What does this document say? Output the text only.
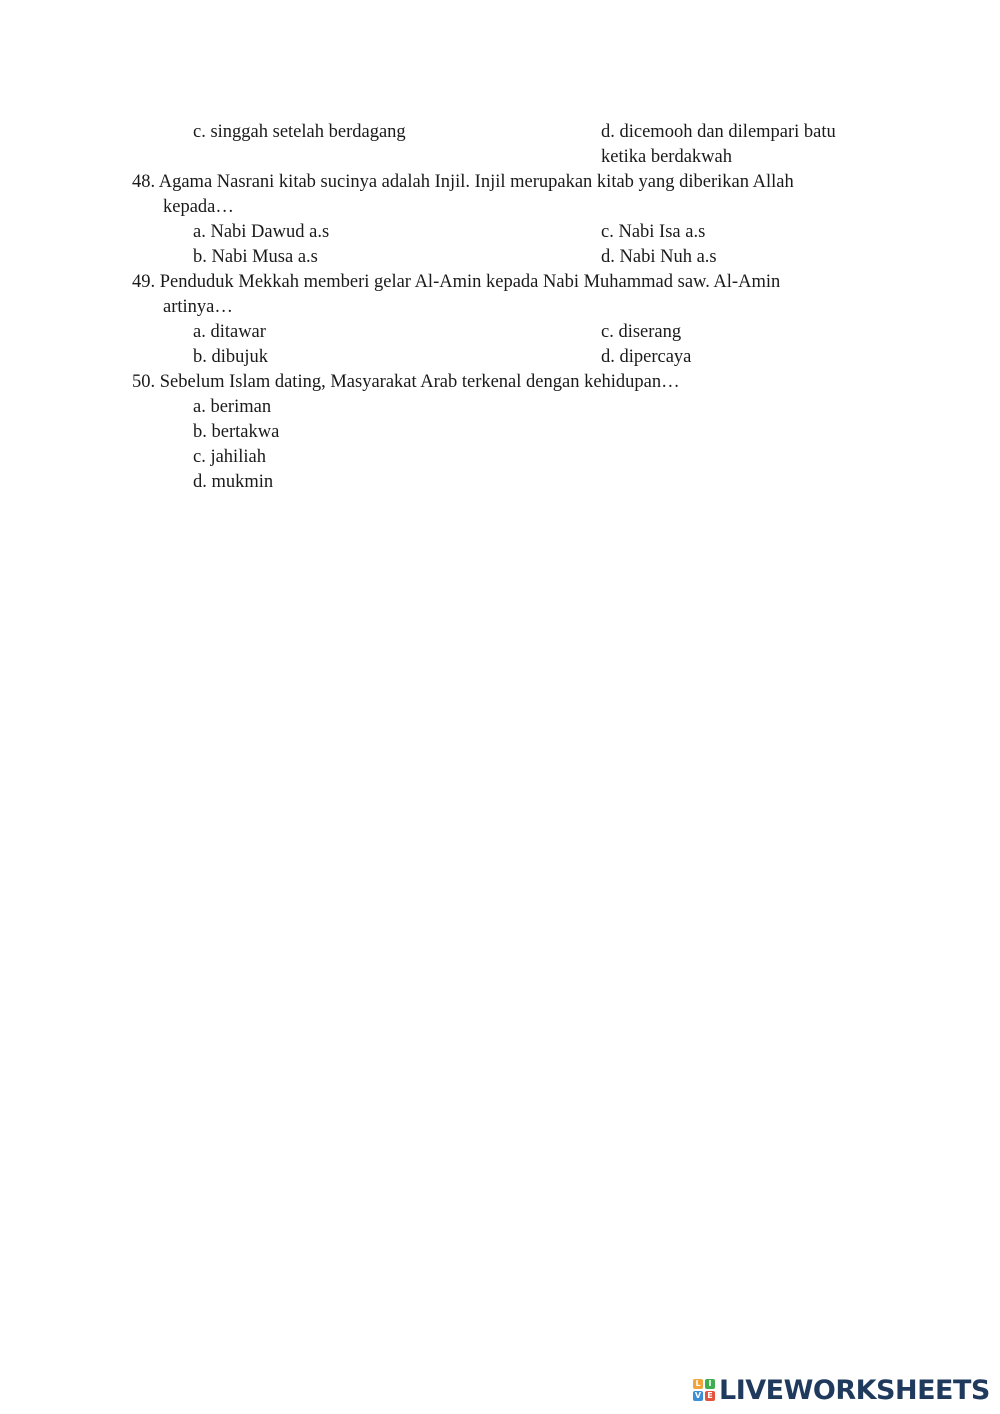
c. singgah setelah berdagang	d. dicemooh dan dilempari batu
ketika berdakwah
48. Agama Nasrani kitab sucinya adalah Injil. Injil merupakan kitab yang diberikan Allah
kepada…
a. Nabi Dawud a.s	c. Nabi Isa a.s
b. Nabi Musa a.s	d. Nabi Nuh a.s
49. Penduduk Mekkah memberi gelar Al-Amin kepada Nabi Muhammad saw. Al-Amin
artinya…
a. ditawar	c. diserang
b. dibujuk	d. dipercaya
50. Sebelum Islam dating, Masyarakat Arab terkenal dengan kehidupan…
a. beriman
b. bertakwa
c. jahiliah
d. mukmin
L I
V E LIVEWORKSHEETS
